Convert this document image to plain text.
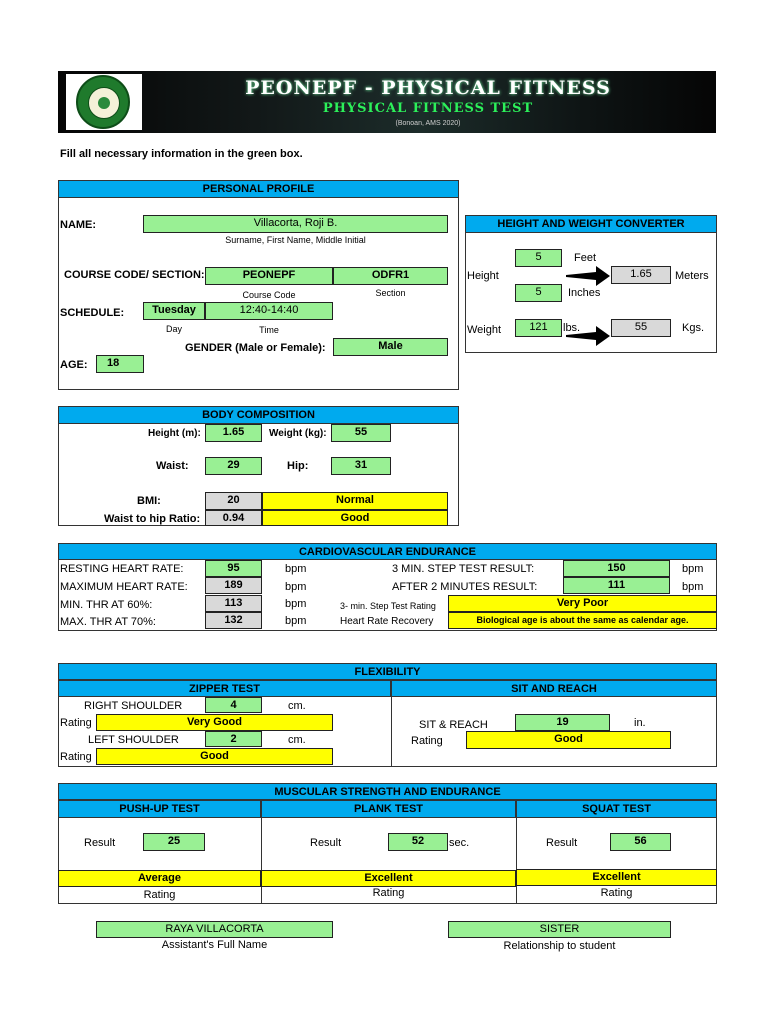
PEONEPF - PHYSICAL FITNESS
PHYSICAL FITNESS TEST
(Bonoan, AMS 2020)
Fill all necessary information in the green box.
PERSONAL PROFILE
NAME:	Villacorta, Roji B.
Surname, First Name, Middle Initial
COURSE CODE/ SECTION:	PEONEPF	ODFR1
Course Code	Section
SCHEDULE:	Tuesday	12:40-14:40
Day	Time
GENDER (Male or Female):	Male
AGE:	18
HEIGHT AND WEIGHT CONVERTER
5	Feet
Height
5	Inches
1.65	Meters
Weight	121	lbs.	55	Kgs.
BODY COMPOSITION
Height (m):	1.65	Weight (kg):	55
Waist:	29	Hip:	31
BMI:	20	Normal
Waist to hip Ratio:	0.94	Good
CARDIOVASCULAR ENDURANCE
RESTING HEART RATE:	95	bpm
MAXIMUM HEART RATE:	189	bpm
MIN. THR AT 60%:	113	bpm
MAX. THR AT 70%:	132	bpm
3 MIN. STEP TEST RESULT:	150	bpm
AFTER 2 MINUTES RESULT:	111	bpm
3- min. Step Test Rating	Very Poor
Heart Rate Recovery	Biological age is about the same as calendar age.
FLEXIBILITY
ZIPPER TEST	SIT AND REACH
RIGHT SHOULDER	4	cm.
Rating	Very Good
LEFT SHOULDER	2	cm.
Rating	Good
SIT & REACH	19	in.
Rating	Good
MUSCULAR STRENGTH AND ENDURANCE
PUSH-UP TEST	PLANK TEST	SQUAT TEST
Result	25	Result	52	sec.	Result	56
Average	Excellent	Excellent
Rating	Rating	Rating
RAYA VILLACORTA
Assistant's Full Name
SISTER
Relationship to student
